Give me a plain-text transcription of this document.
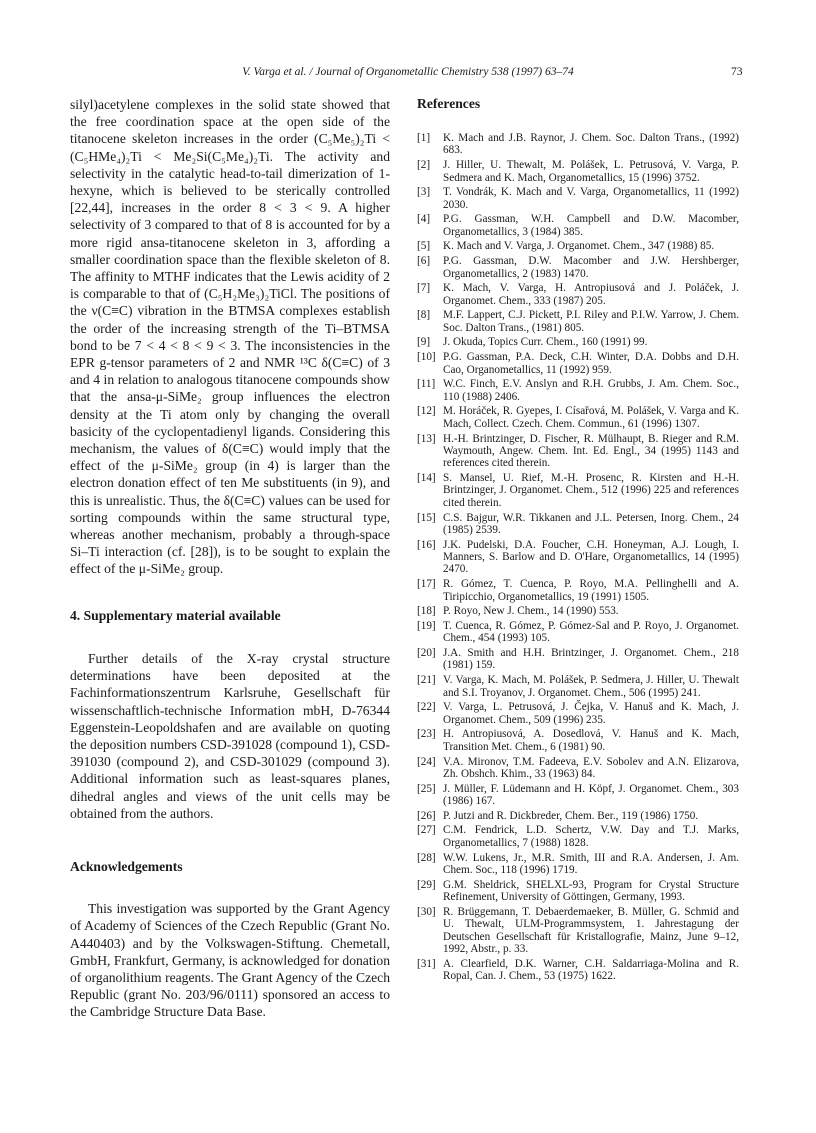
V. Varga et al. / Journal of Organometallic Chemistry 538 (1997) 63–74	73

silyl)acetylene complexes in the solid state showed that the free coordination space at the open side of the titanocene skeleton increases in the order (C₅Me₅)₂Ti < (C₅HMe₄)₂Ti < Me₂Si(C₅Me₄)₂Ti. The activity and selectivity in the catalytic head-to-tail dimerization of 1-hexyne, which is believed to be sterically controlled [22,44], increases in the order 8 < 3 < 9. A higher selectivity of 3 compared to that of 8 is accounted for by a more rigid ansa-titanocene skeleton in 3, affording a smaller coordination space than the flexible skeleton of 8. The affinity to MTHF indicates that the Lewis acidity of 2 is comparable to that of (C₅H₂Me₃)₂TiCl. The positions of the ν(C≡C) vibration in the BTMSA complexes establish the order of the increasing strength of the Ti–BTMSA bond to be 7 < 4 < 8 < 9 < 3. The inconsistencies in the EPR g-tensor parameters of 2 and NMR ¹³C δ(C≡C) of 3 and 4 in relation to analogous titanocene compounds show that the ansa-μ-SiMe₂ group influences the electron density at the Ti atom only by changing the overall basicity of the cyclopentadienyl ligands. Considering this mechanism, the values of δ(C≡C) would imply that the effect of the μ-SiMe₂ group (in 4) is larger than the electron donation effect of ten Me substituents (in 9), and this is unrealistic. Thus, the δ(C≡C) values can be used for sorting compounds within the same structural type, whereas another mechanism, probably a through-space Si–Ti interaction (cf. [28]), is to be sought to explain the effect of the μ-SiMe₂ group.

4. Supplementary material available

Further details of the X-ray crystal structure determinations have been deposited at the Fachinformationszentrum Karlsruhe, Gesellschaft für wissenschaftlich-technische Information mbH, D-76344 Eggenstein-Leopoldshafen and are available on quoting the deposition numbers CSD-391028 (compound 1), CSD-391030 (compound 2), and CSD-301029 (compound 3). Additional information such as least-squares planes, dihedral angles and views of the unit cells may be obtained from the authors.

Acknowledgements

This investigation was supported by the Grant Agency of Academy of Sciences of the Czech Republic (Grant No. A440403) and by the Volkswagen-Stiftung. Chemetall, GmbH, Frankfurt, Germany, is acknowledged for donation of organolithium reagents. The Grant Agency of the Czech Republic (grant No. 203/96/0111) sponsored an access to the Cambridge Structure Data Base.

References
[1]	K. Mach and J.B. Raynor, J. Chem. Soc. Dalton Trans., (1992) 683.
[2]	J. Hiller, U. Thewalt, M. Polášek, L. Petrusová, V. Varga, P. Sedmera and K. Mach, Organometallics, 15 (1996) 3752.
[3]	T. Vondrák, K. Mach and V. Varga, Organometallics, 11 (1992) 2030.
[4]	P.G. Gassman, W.H. Campbell and D.W. Macomber, Organometallics, 3 (1984) 385.
[5]	K. Mach and V. Varga, J. Organomet. Chem., 347 (1988) 85.
[6]	P.G. Gassman, D.W. Macomber and J.W. Hershberger, Organometallics, 2 (1983) 1470.
[7]	K. Mach, V. Varga, H. Antropiusová and J. Poláček, J. Organomet. Chem., 333 (1987) 205.
[8]	M.F. Lappert, C.J. Pickett, P.I. Riley and P.I.W. Yarrow, J. Chem. Soc. Dalton Trans., (1981) 805.
[9]	J. Okuda, Topics Curr. Chem., 160 (1991) 99.
[10] P.G. Gassman, P.A. Deck, C.H. Winter, D.A. Dobbs and D.H. Cao, Organometallics, 11 (1992) 959.
[11] W.C. Finch, E.V. Anslyn and R.H. Grubbs, J. Am. Chem. Soc., 110 (1988) 2406.
[12] M. Horáček, R. Gyepes, I. Císařová, M. Polášek, V. Varga and K. Mach, Collect. Czech. Chem. Commun., 61 (1996) 1307.
[13] H.-H. Brintzinger, D. Fischer, R. Mülhaupt, B. Rieger and R.M. Waymouth, Angew. Chem. Int. Ed. Engl., 34 (1995) 1143 and references cited therein.
[14] S. Mansel, U. Rief, M.-H. Prosenc, R. Kirsten and H.-H. Brintzinger, J. Organomet. Chem., 512 (1996) 225 and references cited therein.
[15] C.S. Bajgur, W.R. Tikkanen and J.L. Petersen, Inorg. Chem., 24 (1985) 2539.
[16] J.K. Pudelski, D.A. Foucher, C.H. Honeyman, A.J. Lough, I. Manners, S. Barlow and D. O'Hare, Organometallics, 14 (1995) 2470.
[17] R. Gómez, T. Cuenca, P. Royo, M.A. Pellinghelli and A. Tiripicchio, Organometallics, 19 (1991) 1505.
[18] P. Royo, New J. Chem., 14 (1990) 553.
[19] T. Cuenca, R. Gómez, P. Gómez-Sal and P. Royo, J. Organomet. Chem., 454 (1993) 105.
[20] J.A. Smith and H.H. Brintzinger, J. Organomet. Chem., 218 (1981) 159.
[21] V. Varga, K. Mach, M. Polášek, P. Sedmera, J. Hiller, U. Thewalt and S.I. Troyanov, J. Organomet. Chem., 506 (1995) 241.
[22] V. Varga, L. Petrusová, J. Čejka, V. Hanuš and K. Mach, J. Organomet. Chem., 509 (1996) 235.
[23] H. Antropiusová, A. Dosedlová, V. Hanuš and K. Mach, Transition Met. Chem., 6 (1981) 90.
[24] V.A. Mironov, T.M. Fadeeva, E.V. Sobolev and A.N. Elizarova, Zh. Obshch. Khim., 33 (1963) 84.
[25] J. Müller, F. Lüdemann and H. Köpf, J. Organomet. Chem., 303 (1986) 167.
[26] P. Jutzi and R. Dickbreder, Chem. Ber., 119 (1986) 1750.
[27] C.M. Fendrick, L.D. Schertz, V.W. Day and T.J. Marks, Organometallics, 7 (1988) 1828.
[28] W.W. Lukens, Jr., M.R. Smith, III and R.A. Andersen, J. Am. Chem. Soc., 118 (1996) 1719.
[29] G.M. Sheldrick, SHELXL-93, Program for Crystal Structure Refinement, University of Göttingen, Germany, 1993.
[30] R. Brüggemann, T. Debaerdemaeker, B. Müller, G. Schmid and U. Thewalt, ULM-Programmsystem, 1. Jahrestagung der Deutschen Gesellschaft für Kristallografie, Mainz, June 9–12, 1992, Abstr., p. 33.
[31] A. Clearfield, D.K. Warner, C.H. Saldarriaga-Molina and R. Ropal, Can. J. Chem., 53 (1975) 1622.
